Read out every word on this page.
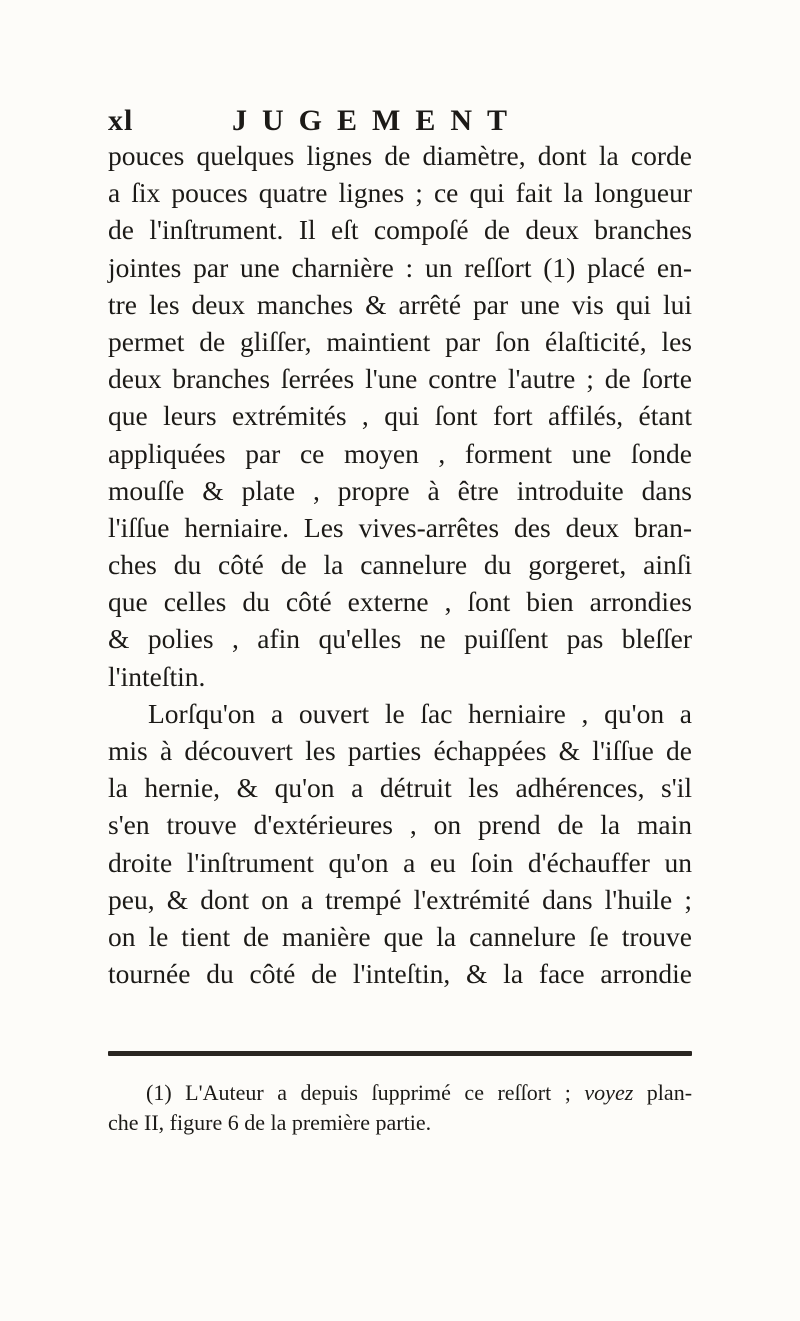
xl	JUGEMENT
pouces quelques lignes de diamètre, dont la corde
a ſix pouces quatre lignes ; ce qui fait la longueur
de l'inſtrument. Il eſt compoſé de deux branches
jointes par une charnière : un reſſort (1) placé en-
tre les deux manches & arrêté par une vis qui lui
permet de gliſſer, maintient par ſon élaſticité, les
deux branches ſerrées l'une contre l'autre ; de ſorte
que leurs extrémités , qui ſont fort affilés, étant
appliquées par ce moyen , forment une ſonde
mouſſe & plate , propre à être introduite dans
l'iſſue herniaire. Les vives-arrêtes des deux bran-
ches du côté de la cannelure du gorgeret, ainſi
que celles du côté externe , ſont bien arrondies
& polies , afin qu'elles ne puiſſent pas bleſſer
l'inteſtin.
Lorſqu'on a ouvert le ſac herniaire , qu'on a
mis à découvert les parties échappées & l'iſſue de
la hernie, & qu'on a détruit les adhérences, s'il
s'en trouve d'extérieures , on prend de la main
droite l'inſtrument qu'on a eu ſoin d'échauffer un
peu, & dont on a trempé l'extrémité dans l'huile ;
on le tient de manière que la cannelure ſe trouve
tournée du côté de l'inteſtin, & la face arrondie
(1) L'Auteur a depuis ſupprimé ce reſſort ; voyez plan-
che II, figure 6 de la première partie.
